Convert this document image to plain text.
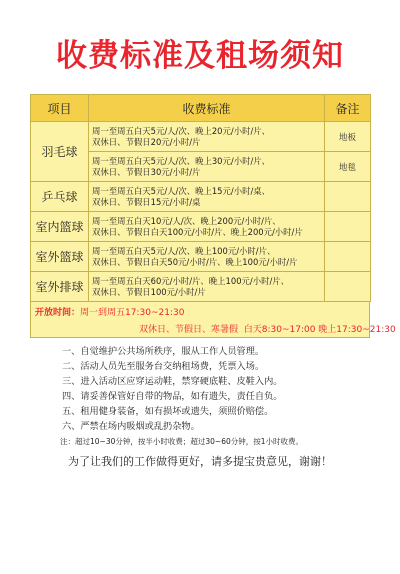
收费标准及租场须知
项目	收费标准	备注
羽毛球	周一至周五白天5元/人/次、晚上20元/小时/片、
双休日、节假日20元/小时/片	地板

	周一至周五白天5元/人/次、晚上30元/小时/片、
双休日、节假日30元/小时/片	地毯
乒乓球	周一至周五白天5元/人/次、晚上15元/小时/桌、
双休日、节假日15元/小时/桌	

室内篮球	周一至周五白天10元/人/次、晚上200元/小时/片、
双休日、节假日白天100元/小时/片、晚上200元/小时/片	

室外篮球	周一至周五白天5元/人/次、晚上100元/小时/片、
双休日、节假日白天50元/小时/片、晚上100元/小时/片	

室外排球	周一至周五白天60元/小时/片、晚上100元/小时/片、
双休日、节假日100元/小时/片	

开放时间：周一到周五17:30~21:30
双休日、节假日、寒暑假 白天8:30~17:00 晚上17:30~21:30
一、自觉维护公共场所秩序，服从工作人员管理。
二、活动人员先至服务台交纳租场费，凭票入场。
三、进入活动区应穿运动鞋，禁穿硬底鞋、皮鞋入内。
四、请妥善保管好自带的物品，如有遗失，责任自负。
五、租用健身装备，如有损坏或遗失，须照价赔偿。
六、严禁在场内吸烟或乱扔杂物。
注：超过10~30分钟，按半小时收费；超过30~60分钟，按1小时收费。
为了让我们的工作做得更好，请多提宝贵意见，谢谢！
